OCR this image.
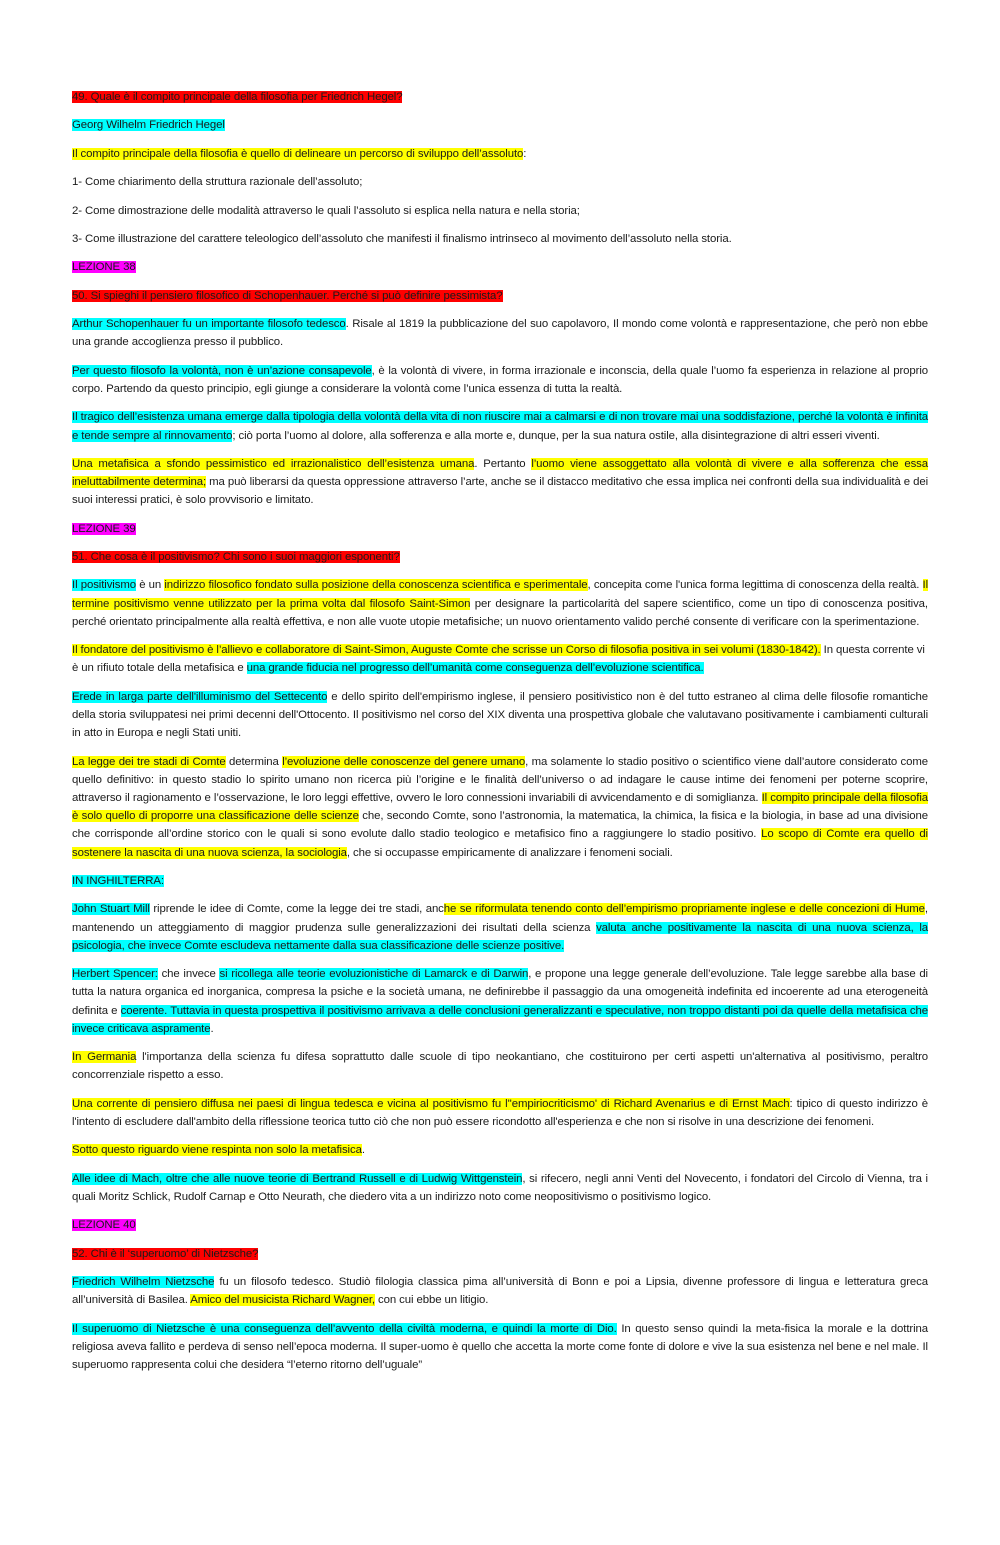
49. Quale è il compito principale della filosofia per Friedrich Hegel?

Georg Wilhelm Friedrich Hegel

Il compito principale della filosofia è quello di delineare un percorso di sviluppo dell’assoluto:

1- Come chiarimento della struttura razionale dell’assoluto;

2- Come dimostrazione delle modalità attraverso le quali l’assoluto si esplica nella natura e nella storia;

3- Come illustrazione del carattere teleologico dell’assoluto che manifesti il finalismo intrinseco al movimento dell’assoluto nella storia.

LEZIONE 38

50. Si spieghi il pensiero filosofico di Schopenhauer. Perché si può definire pessimista?

Arthur Schopenhauer fu un importante filosofo tedesco. Risale al 1819 la pubblicazione del suo capolavoro, Il mondo come volontà e rappresentazione, che però non ebbe una grande accoglienza presso il pubblico.

Per questo filosofo la volontà, non è un’azione consapevole, è la volontà di vivere, in forma irrazionale e inconscia, della quale l’uomo fa esperienza in relazione al proprio corpo. Partendo da questo principio, egli giunge a considerare la volontà come l’unica essenza di tutta la realtà.

Il tragico dell’esistenza umana emerge dalla tipologia della volontà della vita di non riuscire mai a calmarsi e di non trovare mai una soddisfazione, perché la volontà è infinita e tende sempre al rinnovamento; ciò porta l’uomo al dolore, alla sofferenza e alla morte e, dunque, per la sua natura ostile, alla disintegrazione di altri esseri viventi.

Una metafisica a sfondo pessimistico ed irrazionalistico dell’esistenza umana. Pertanto l’uomo viene assoggettato alla volontà di vivere e alla sofferenza che essa ineluttabilmente determina; ma può liberarsi da questa oppressione attraverso l’arte, anche se il distacco meditativo che essa implica nei confronti della sua individualità e dei suoi interessi pratici, è solo provvisorio e limitato.

LEZIONE 39

51. Che cosa è il positivismo? Chi sono i suoi maggiori esponenti?

Il positivismo è un indirizzo filosofico fondato sulla posizione della conoscenza scientifica e sperimentale, concepita come l'unica forma legittima di conoscenza della realtà. Il termine positivismo venne utilizzato per la prima volta dal filosofo Saint-Simon per designare la particolarità del sapere scientifico, come un tipo di conoscenza positiva, perché orientato principalmente alla realtà effettiva, e non alle vuote utopie metafisiche; un nuovo orientamento valido perché consente di verificare con la sperimentazione.

Il fondatore del positivismo è l’allievo e collaboratore di Saint-Simon, Auguste Comte che scrisse un Corso di filosofia positiva in sei volumi (1830-1842). In questa corrente vi è un rifiuto totale della metafisica e una grande fiducia nel progresso dell’umanità come conseguenza dell’evoluzione scientifica.

Erede in larga parte dell'illuminismo del Settecento e dello spirito dell'empirismo inglese, il pensiero positivistico non è del tutto estraneo al clima delle filosofie romantiche della storia sviluppatesi nei primi decenni dell'Ottocento. Il positivismo nel corso del XIX diventa una prospettiva globale che valutavano positivamente i cambiamenti culturali in atto in Europa e negli Stati uniti.

La legge dei tre stadi di Comte determina l’evoluzione delle conoscenze del genere umano, ma solamente lo stadio positivo o scientifico viene dall’autore considerato come quello definitivo: in questo stadio lo spirito umano non ricerca più l’origine e le finalità dell’universo o ad indagare le cause intime dei fenomeni per poterne scoprire, attraverso il ragionamento e l’osservazione, le loro leggi effettive, ovvero le loro connessioni invariabili di avvicendamento e di somiglianza. Il compito principale della filosofia è solo quello di proporre una classificazione delle scienze che, secondo Comte, sono l’astronomia, la matematica, la chimica, la fisica e la biologia, in base ad una divisione che corrisponde all’ordine storico con le quali si sono evolute dallo stadio teologico e metafisico fino a raggiungere lo stadio positivo. Lo scopo di Comte era quello di sostenere la nascita di una nuova scienza, la sociologia, che si occupasse empiricamente di analizzare i fenomeni sociali.

IN INGHILTERRA:

John Stuart Mill riprende le idee di Comte, come la legge dei tre stadi, anche se riformulata tenendo conto dell’empirismo propriamente inglese e delle concezioni di Hume, mantenendo un atteggiamento di maggior prudenza sulle generalizzazioni dei risultati della scienza valuta anche positivamente la nascita di una nuova scienza, la psicologia, che invece Comte escludeva nettamente dalla sua classificazione delle scienze positive.

Herbert Spencer: che invece si ricollega alle teorie evoluzionistiche di Lamarck e di Darwin, e propone una legge generale dell’evoluzione. Tale legge sarebbe alla base di tutta la natura organica ed inorganica, compresa la psiche e la società umana, ne definirebbe il passaggio da una omogeneità indefinita ed incoerente ad una eterogeneità definita e coerente. Tuttavia in questa prospettiva il positivismo arrivava a delle conclusioni generalizzanti e speculative, non troppo distanti poi da quelle della metafisica che invece criticava aspramente.

In Germania l'importanza della scienza fu difesa soprattutto dalle scuole di tipo neokantiano, che costituirono per certi aspetti un'alternativa al positivismo, peraltro concorrenziale rispetto a esso.

Una corrente di pensiero diffusa nei paesi di lingua tedesca e vicina al positivismo fu l''empiriocriticismo' di Richard Avenarius e di Ernst Mach: tipico di questo indirizzo è l'intento di escludere dall'ambito della riflessione teorica tutto ciò che non può essere ricondotto all'esperienza e che non si risolve in una descrizione dei fenomeni.

Sotto questo riguardo viene respinta non solo la metafisica.

Alle idee di Mach, oltre che alle nuove teorie di Bertrand Russell e di Ludwig Wittgenstein, si rifecero, negli anni Venti del Novecento, i fondatori del Circolo di Vienna, tra i quali Moritz Schlick, Rudolf Carnap e Otto Neurath, che diedero vita a un indirizzo noto come neopositivismo o positivismo logico.

LEZIONE 40

52. Chi è il ‘superuomo’ di Nietzsche?

Friedrich Wilhelm Nietzsche fu un filosofo tedesco. Studiò filologia classica pima all’università di Bonn e poi a Lipsia, divenne professore di lingua e letteratura greca all’università di Basilea. Amico del musicista Richard Wagner, con cui ebbe un litigio.

Il superuomo di Nietzsche è una conseguenza dell’avvento della civiltà moderna, e quindi la morte di Dio. In questo senso quindi la meta-fisica la morale e la dottrina religiosa aveva fallito e perdeva di senso nell’epoca moderna. Il super-uomo è quello che accetta la morte come fonte di dolore e vive la sua esistenza nel bene e nel male. Il superuomo rappresenta colui che desidera “l’eterno ritorno dell’uguale”
